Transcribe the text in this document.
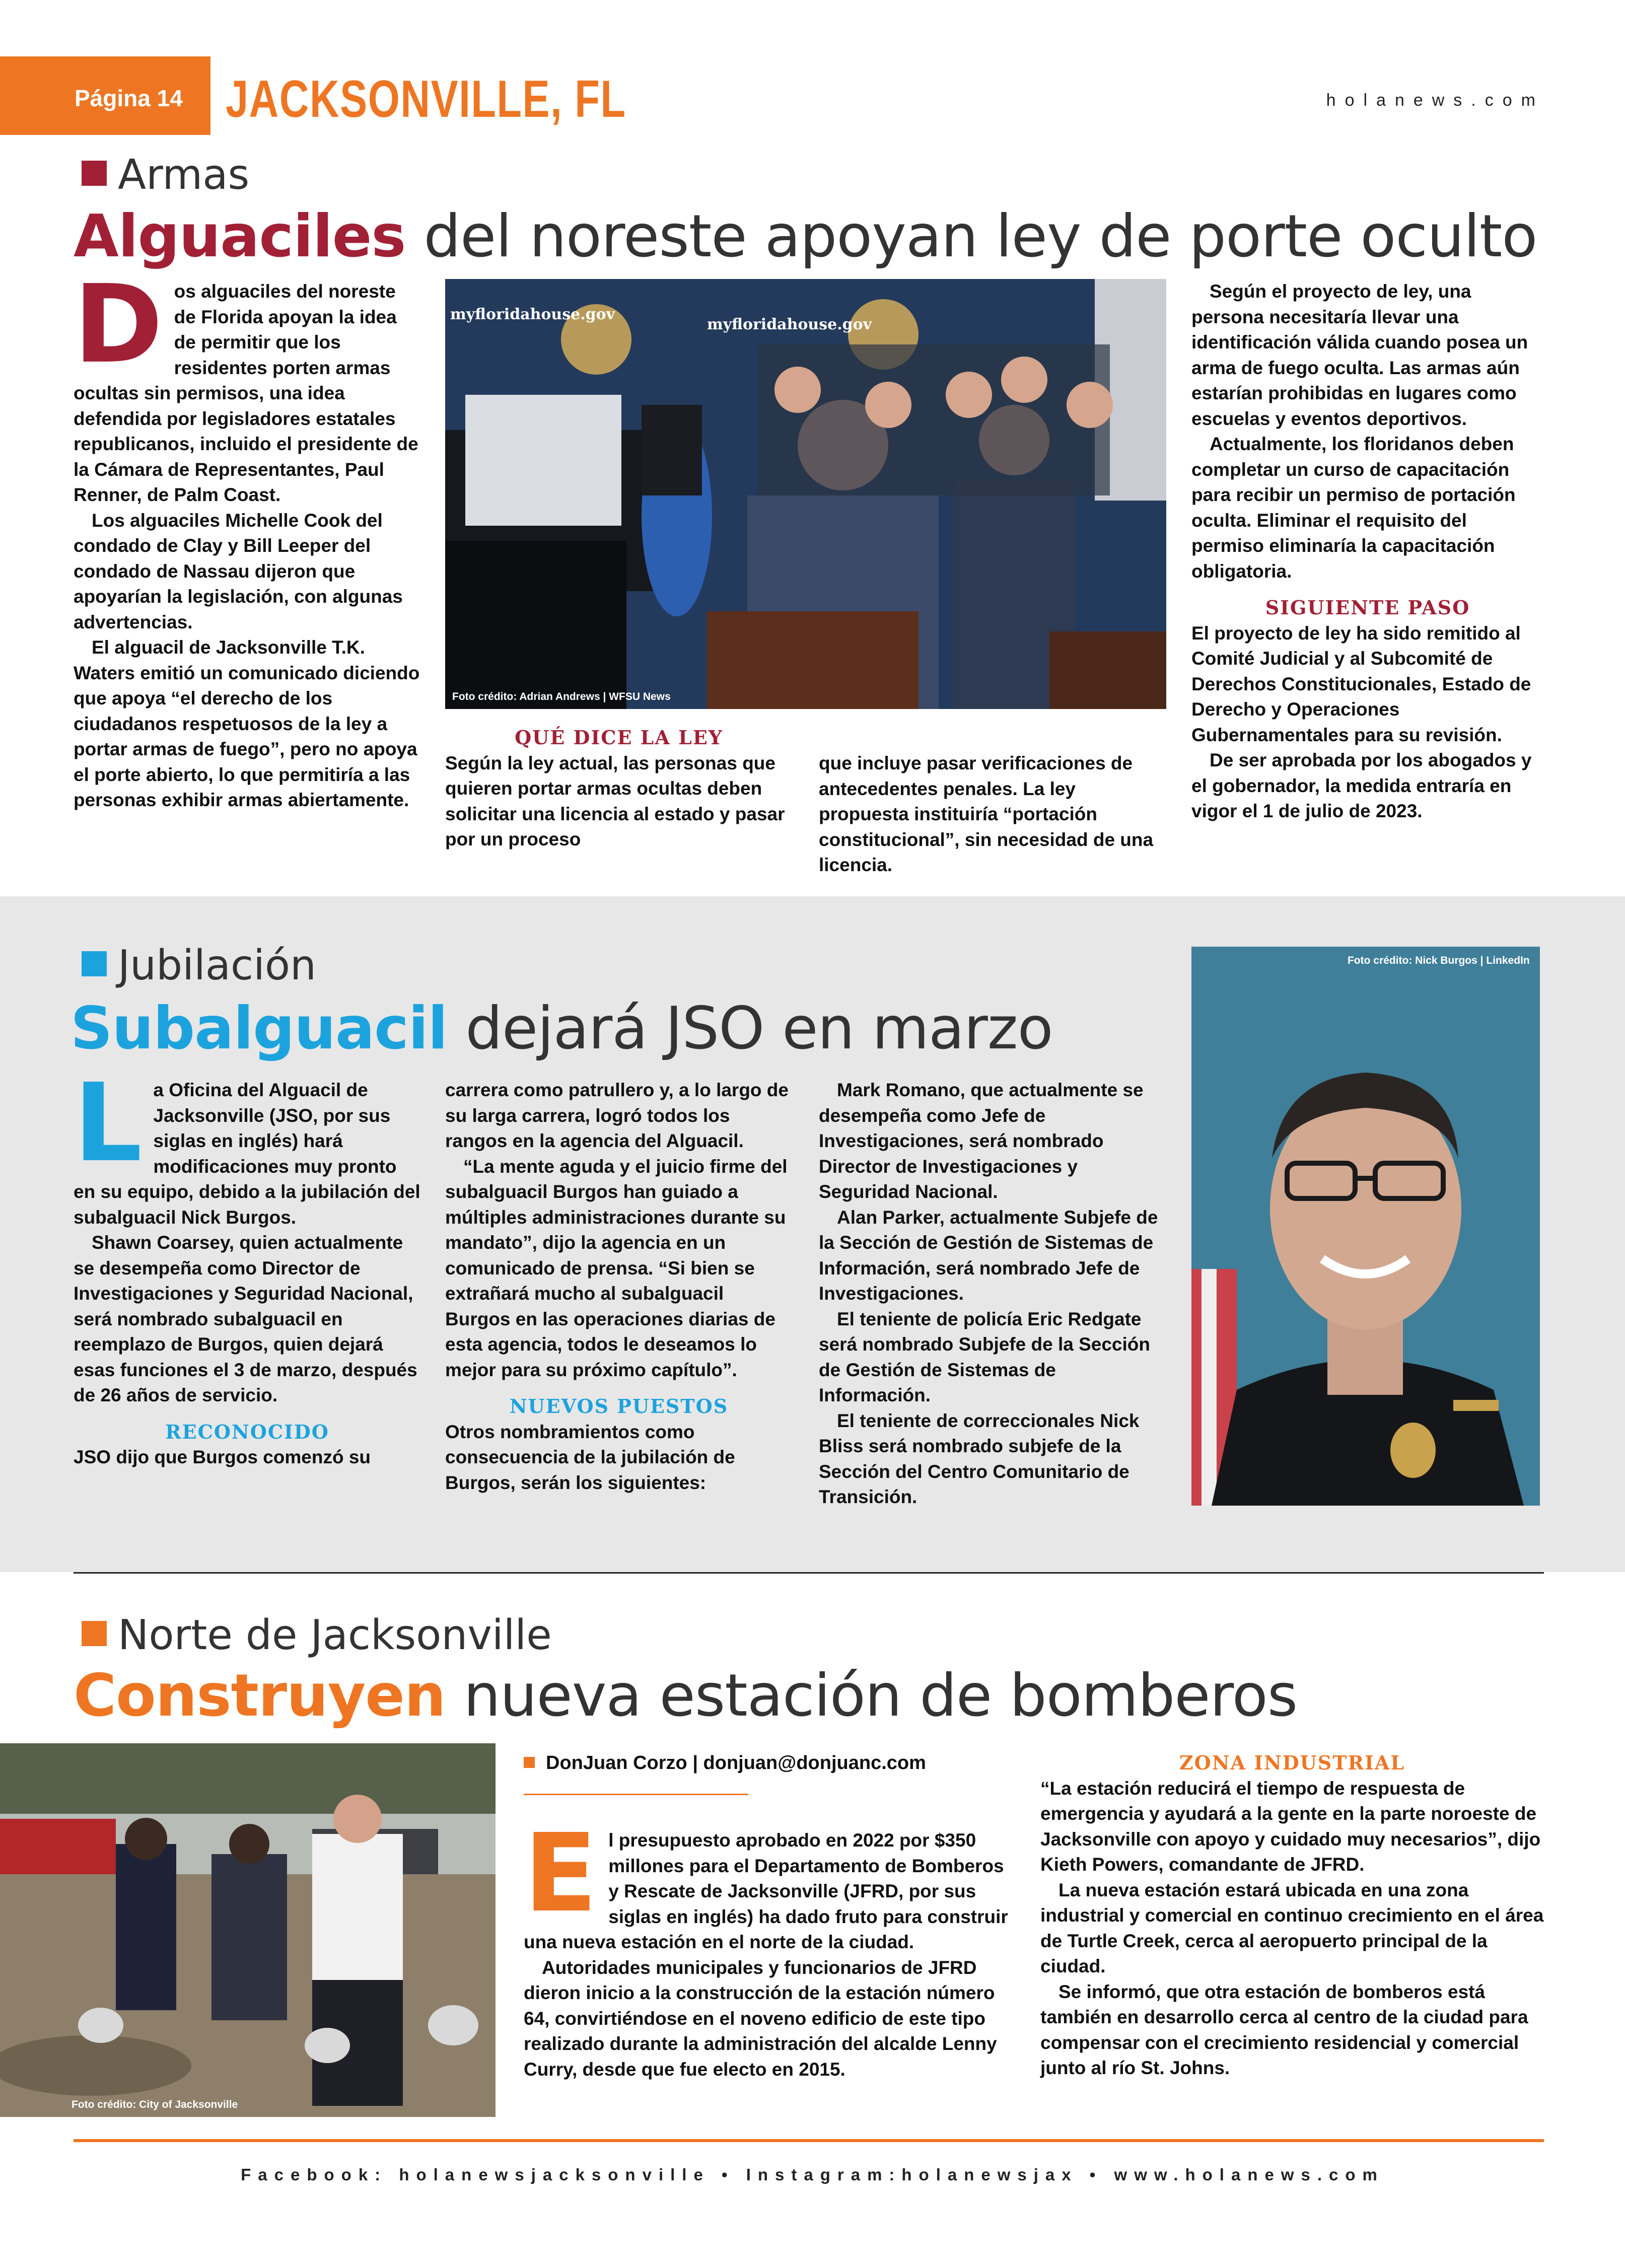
Página 14 JACKSONVILLE, FL	holanews.com
Armas
Alguaciles del noreste apoyan ley de porte oculto
D os alguaciles del noreste de Florida apoyan la idea de permitir que los residentes porten armas ocultas sin permisos, una idea defendida por legisladores estatales republicanos, incluido el presidente de la Cámara de Representantes, Paul Renner, de Palm Coast.

Los alguaciles Michelle Cook del condado de Clay y Bill Leeper del condado de Nassau dijeron que apoyarían la legislación, con algunas advertencias.

El alguacil de Jacksonville T.K. Waters emitió un comunicado diciendo que apoya “el derecho de los ciudadanos respetuosos de la ley a portar armas de fuego”, pero no apoya el porte abierto, lo que permitiría a las personas exhibir armas abiertamente.

myfloridahouse.gov
myfloridahouse.gov
Foto crédito: Adrian Andrews | WFSU News
QUÉ DICE LA LEY

Según la ley actual, las personas que quieren portar armas ocultas deben solicitar una licencia al estado y pasar por un proceso

que incluye pasar verificaciones de antecedentes penales. La ley propuesta instituiría “portación constitucional”, sin necesidad de una licencia.

Según el proyecto de ley, una persona necesitaría llevar una identificación válida cuando posea un arma de fuego oculta. Las armas aún estarían prohibidas en lugares como escuelas y eventos deportivos.

Actualmente, los floridanos deben completar un curso de capacitación para recibir un permiso de portación oculta. Eliminar el requisito del permiso eliminaría la capacitación obligatoria.

SIGUIENTE PASO

El proyecto de ley ha sido remitido al Comité Judicial y al Subcomité de Derechos Constitucionales, Estado de Derecho y Operaciones Gubernamentales para su revisión.

De ser aprobada por los abogados y el gobernador, la medida entraría en vigor el 1 de julio de 2023.

Jubilación
Subalguacil dejará JSO en marzo
L a Oficina del Alguacil de Jacksonville (JSO, por sus siglas en inglés) hará modificaciones muy pronto en su equipo, debido a la jubilación del subalguacil Nick Burgos.

Shawn Coarsey, quien actualmente se desempeña como Director de Investigaciones y Seguridad Nacional, será nombrado subalguacil en reemplazo de Burgos, quien dejará esas funciones el 3 de marzo, después de 26 años de servicio.

RECONOCIDO

JSO dijo que Burgos comenzó su

carrera como patrullero y, a lo largo de su larga carrera, logró todos los rangos en la agencia del Alguacil.

“La mente aguda y el juicio firme del subalguacil Burgos han guiado a múltiples administraciones durante su mandato”, dijo la agencia en un comunicado de prensa. “Si bien se extrañará mucho al subalguacil Burgos en las operaciones diarias de esta agencia, todos le deseamos lo mejor para su próximo capítulo”.

NUEVOS PUESTOS

Otros nombramientos como consecuencia de la jubilación de Burgos, serán los siguientes:

Mark Romano, que actualmente se desempeña como Jefe de Investigaciones, será nombrado Director de Investigaciones y Seguridad Nacional.

Alan Parker, actualmente Subjefe de la Sección de Gestión de Sistemas de Información, será nombrado Jefe de Investigaciones.

El teniente de policía Eric Redgate será nombrado Subjefe de la Sección de Gestión de Sistemas de Información.

El teniente de correccionales Nick Bliss será nombrado subjefe de la Sección del Centro Comunitario de Transición.

Foto crédito: Nick Burgos | LinkedIn
Norte de Jacksonville
Construyen nueva estación de bomberos
Foto crédito: City of Jacksonville
DonJuan Corzo | donjuan@donjuanc.com
E l presupuesto aprobado en 2022 por $350 millones para el Departamento de Bomberos y Rescate de Jacksonville (JFRD, por sus siglas en inglés) ha dado fruto para construir una nueva estación en el norte de la ciudad.

Autoridades municipales y funcionarios de JFRD dieron inicio a la construcción de la estación número 64, convirtiéndose en el noveno edificio de este tipo realizado durante la administración del alcalde Lenny Curry, desde que fue electo en 2015.

ZONA INDUSTRIAL

“La estación reducirá el tiempo de respuesta de emergencia y ayudará a la gente en la parte noroeste de Jacksonville con apoyo y cuidado muy necesarios”, dijo Kieth Powers, comandante de JFRD.

La nueva estación estará ubicada en una zona industrial y comercial en continuo crecimiento en el área de Turtle Creek, cerca al aeropuerto principal de la ciudad.

Se informó, que otra estación de bomberos está también en desarrollo cerca al centro de la ciudad para compensar con el crecimiento residencial y comercial junto al río St. Johns.

Facebook: holanewsjacksonville • Instagram:holanewsjax • www.holanews.com
